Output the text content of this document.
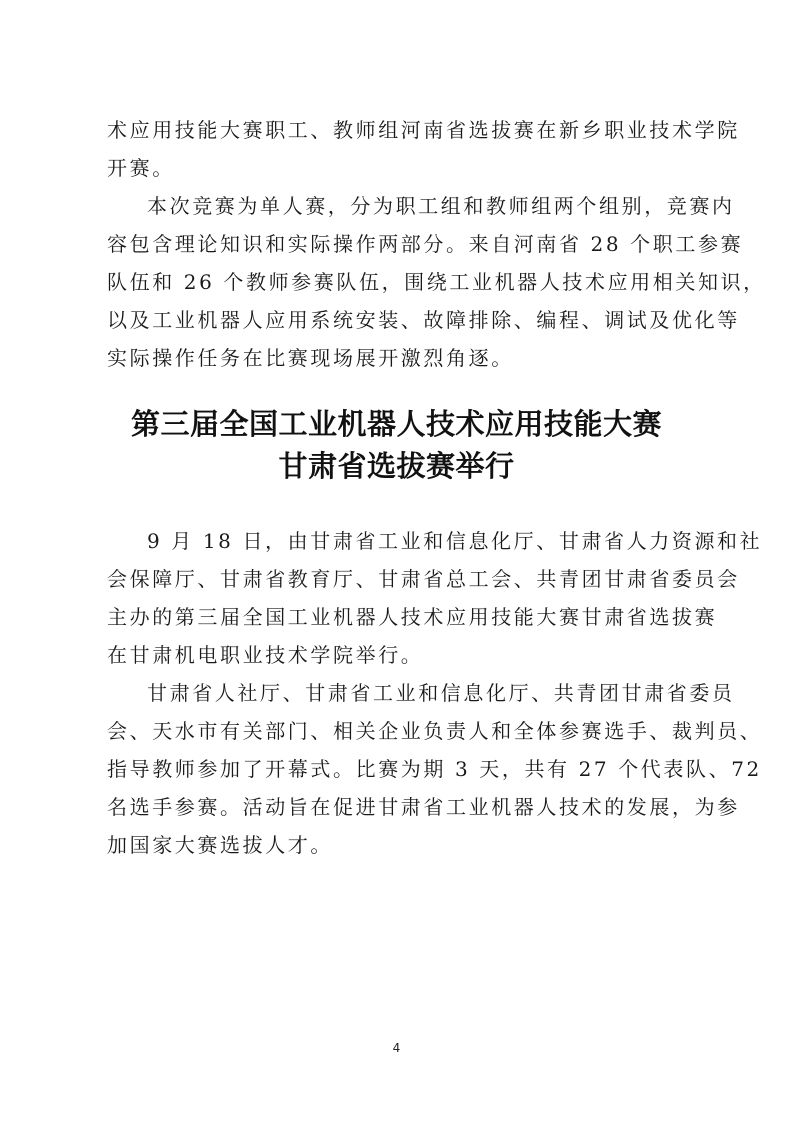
术应用技能大赛职工、教师组河南省选拔赛在新乡职业技术学院
开赛。
本次竞赛为单人赛，分为职工组和教师组两个组别，竞赛内
容包含理论知识和实际操作两部分。来自河南省 28 个职工参赛
队伍和 26 个教师参赛队伍，围绕工业机器人技术应用相关知识，
以及工业机器人应用系统安装、故障排除、编程、调试及优化等
实际操作任务在比赛现场展开激烈角逐。
第三届全国工业机器人技术应用技能大赛
甘肃省选拔赛举行
9 月 18 日，由甘肃省工业和信息化厅、甘肃省人力资源和社
会保障厅、甘肃省教育厅、甘肃省总工会、共青团甘肃省委员会
主办的第三届全国工业机器人技术应用技能大赛甘肃省选拔赛
在甘肃机电职业技术学院举行。
甘肃省人社厅、甘肃省工业和信息化厅、共青团甘肃省委员
会、天水市有关部门、相关企业负责人和全体参赛选手、裁判员、
指导教师参加了开幕式。比赛为期 3 天，共有 27 个代表队、72
名选手参赛。活动旨在促进甘肃省工业机器人技术的发展，为参
加国家大赛选拔人才。
4
